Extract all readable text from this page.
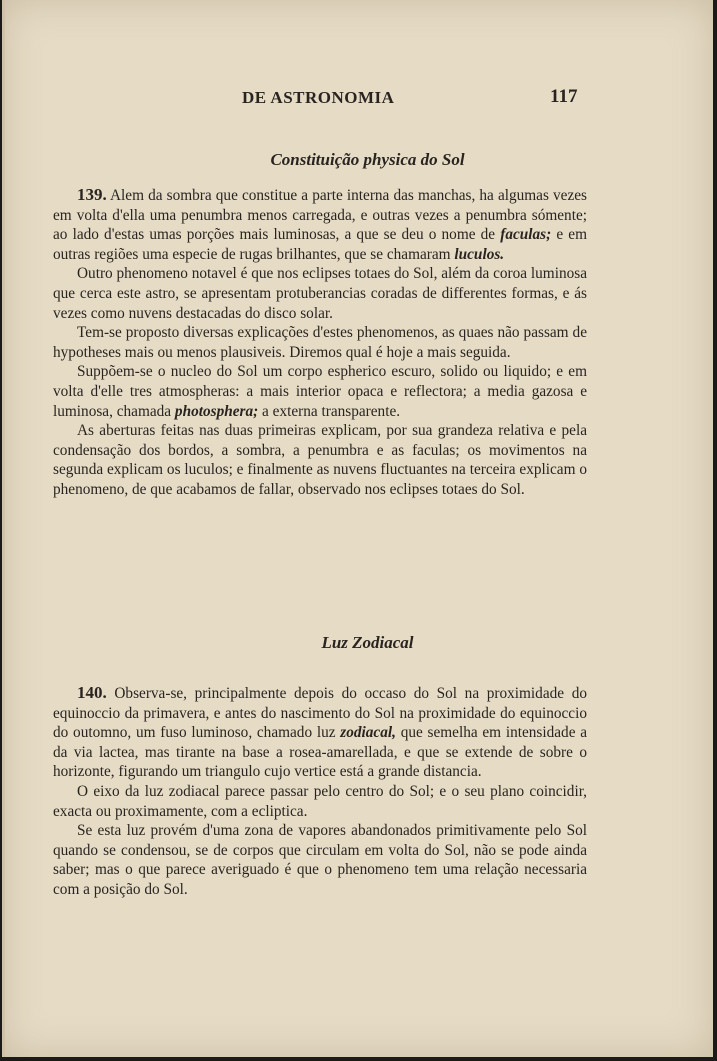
DE ASTRONOMIA	117
Constituição physica do Sol

139. Alem da sombra que constitue a parte interna das manchas, ha algumas vezes em volta d'ella uma penumbra menos carregada, e outras vezes a penumbra sómente; ao lado d'estas umas porções mais luminosas, a que se deu o nome de faculas; e em outras regiões uma especie de rugas brilhantes, que se chamaram luculos.

Outro phenomeno notavel é que nos eclipses totaes do Sol, além da coroa luminosa que cerca este astro, se apresentam protuberancias coradas de differentes formas, e ás vezes como nuvens destacadas do disco solar.

Tem-se proposto diversas explicações d'estes phenomenos, as quaes não passam de hypotheses mais ou menos plausiveis. Diremos qual é hoje a mais seguida.

Suppõem-se o nucleo do Sol um corpo espherico escuro, solido ou liquido; e em volta d'elle tres atmospheras: a mais interior opaca e reflectora; a media gazosa e luminosa, chamada photosphera; a externa transparente.

As aberturas feitas nas duas primeiras explicam, por sua grandeza relativa e pela condensação dos bordos, a sombra, a penumbra e as faculas; os movimentos na segunda explicam os luculos; e finalmente as nuvens fluctuantes na terceira explicam o phenomeno, de que acabamos de fallar, observado nos eclipses totaes do Sol.

Luz Zodiacal

140. Observa-se, principalmente depois do occaso do Sol na proximidade do equinoccio da primavera, e antes do nascimento do Sol na proximidade do equinoccio do outomno, um fuso luminoso, chamado luz zodiacal, que semelha em intensidade a da via lactea, mas tirante na base a rosea-amarellada, e que se extende de sobre o horizonte, figurando um triangulo cujo vertice está a grande distancia.

O eixo da luz zodiacal parece passar pelo centro do Sol; e o seu plano coincidir, exacta ou proximamente, com a ecliptica.

Se esta luz provém d'uma zona de vapores abandonados primitivamente pelo Sol quando se condensou, se de corpos que circulam em volta do Sol, não se pode ainda saber; mas o que parece averiguado é que o phenomeno tem uma relação necessaria com a posição do Sol.
